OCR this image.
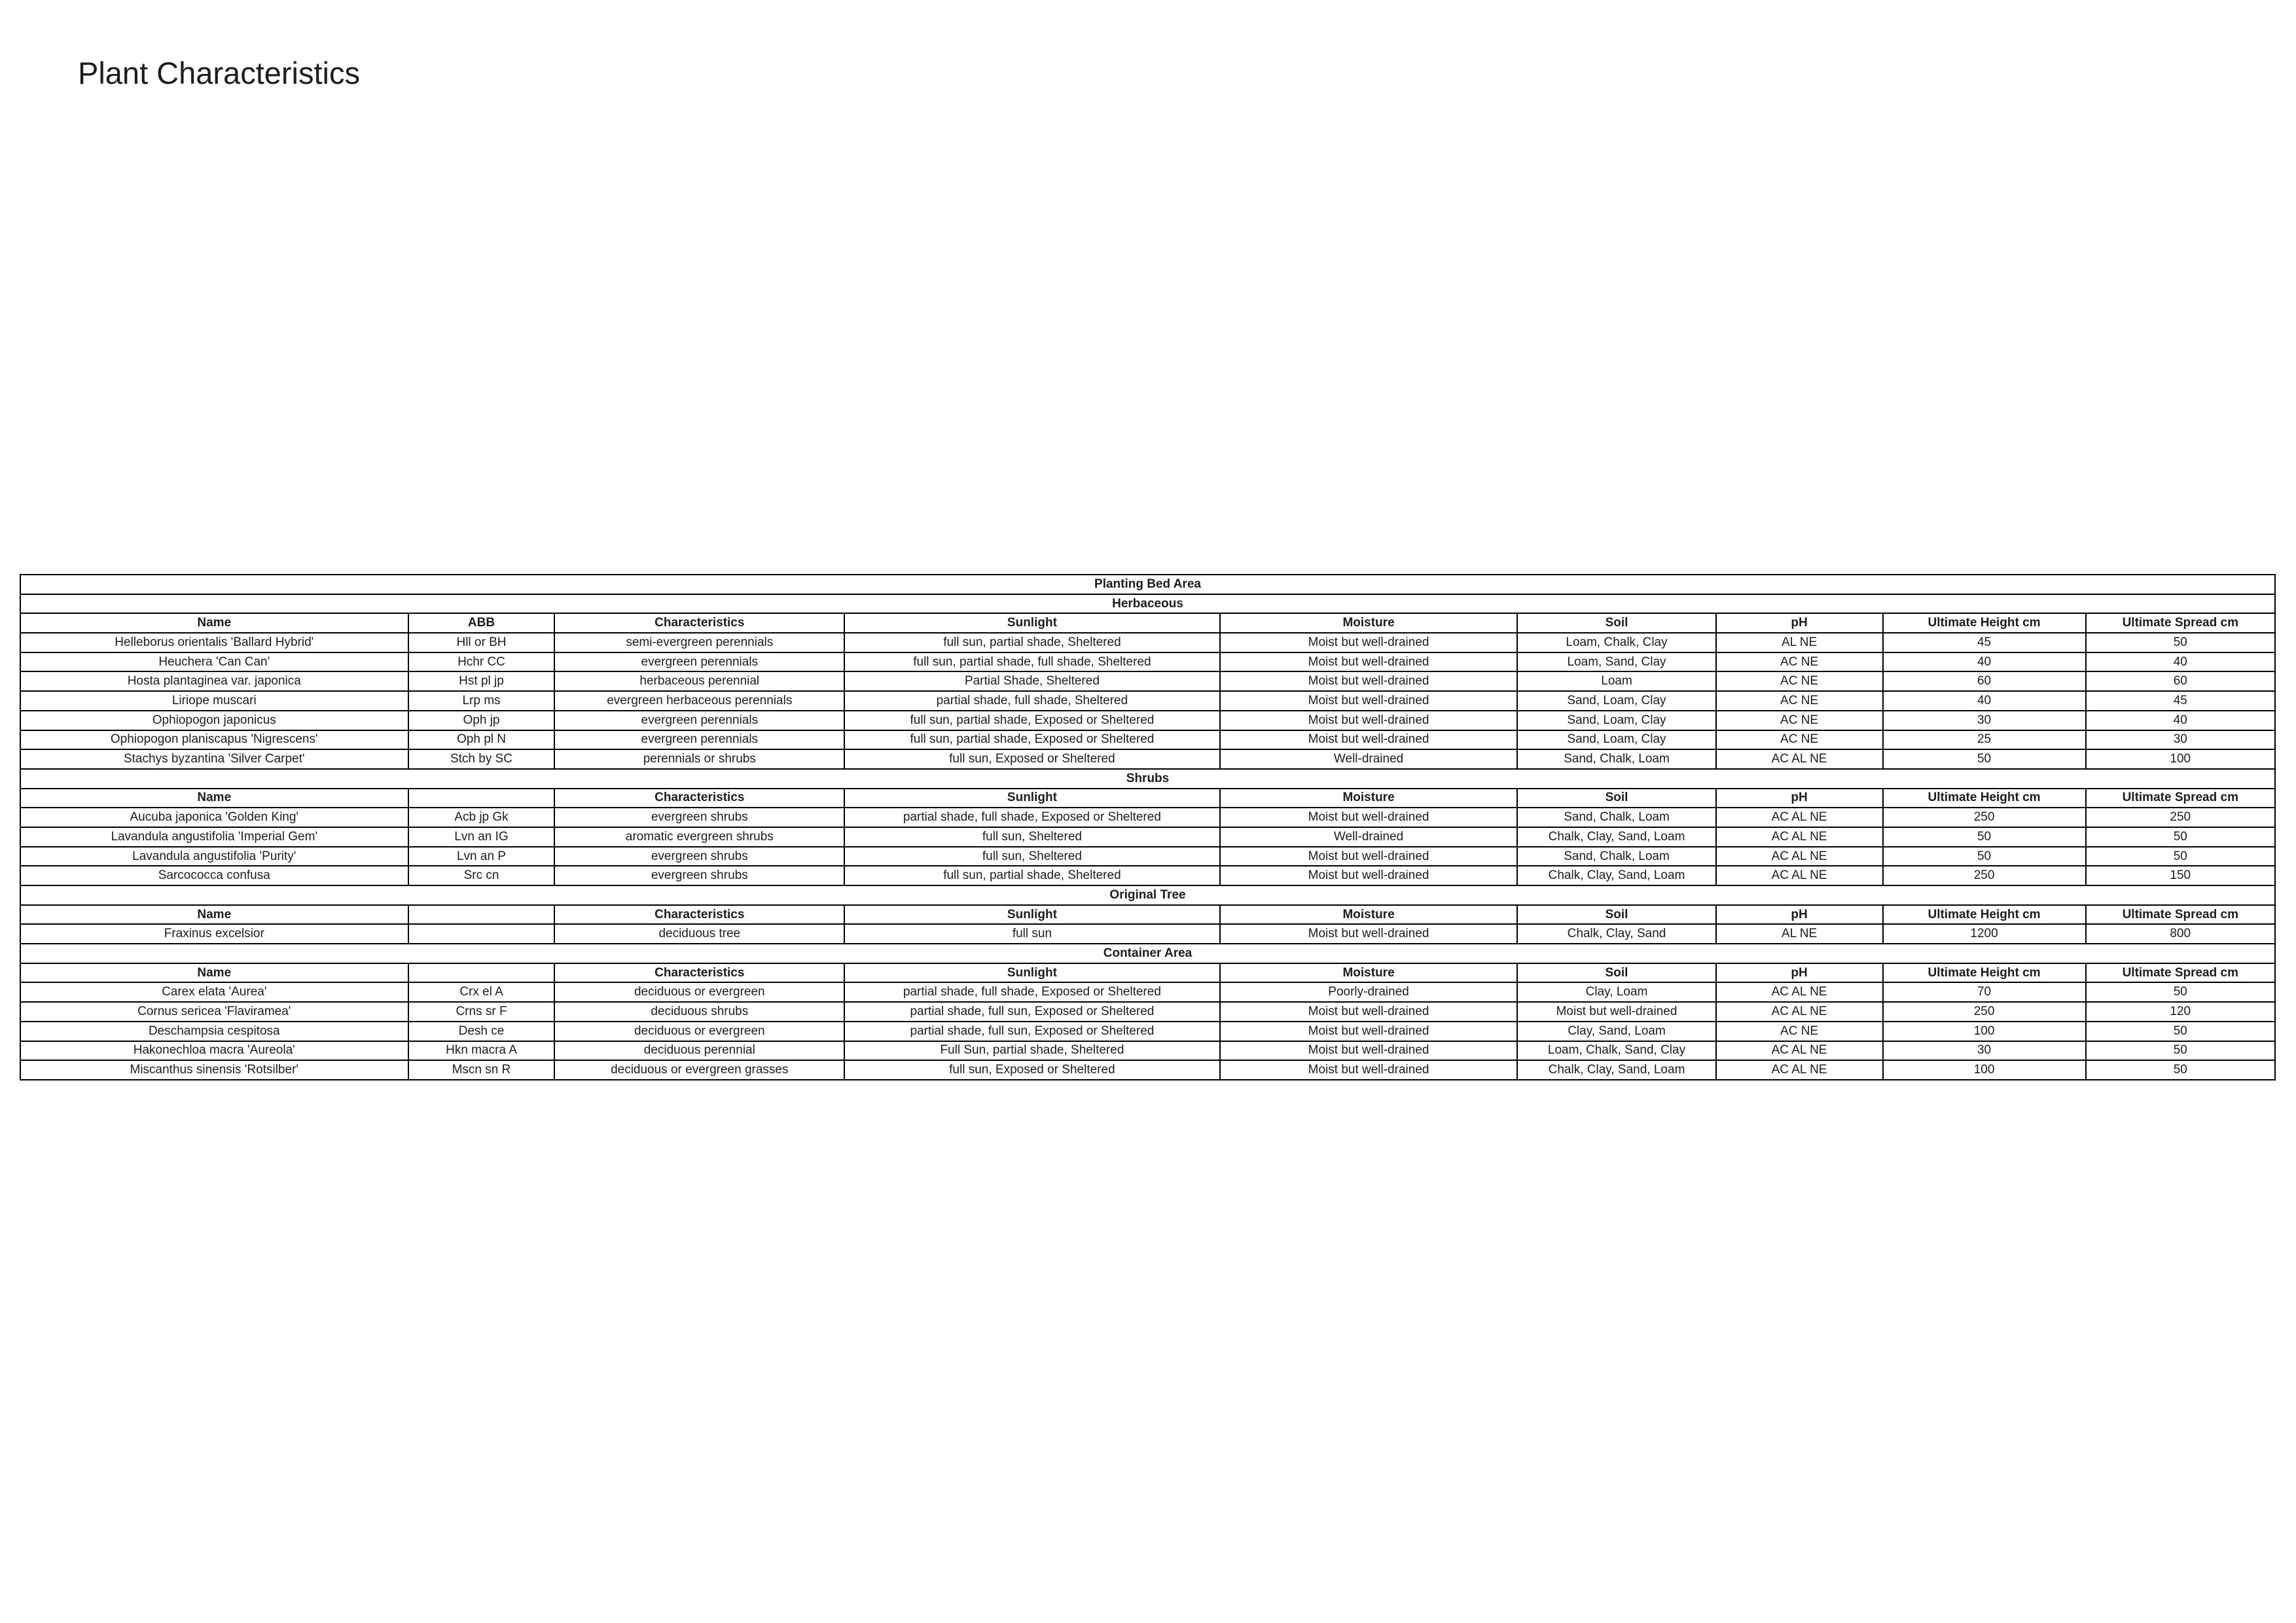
Plant Characteristics
Planting Bed Area								
Herbaceous								
Name	ABB	Characteristics	Sunlight	Moisture	Soil	pH	Ultimate Height cm	Ultimate Spread cm
Helleborus orientalis 'Ballard Hybrid'	Hll or BH	semi-evergreen perennials	full sun, partial shade, Sheltered	Moist but well-drained	Loam, Chalk, Clay	AL NE	45	50
Heuchera 'Can Can'	Hchr CC	evergreen perennials	full sun, partial shade, full shade, Sheltered	Moist but well-drained	Loam, Sand, Clay	AC NE	40	40
Hosta plantaginea var. japonica	Hst pl jp	herbaceous perennial	Partial Shade, Sheltered	Moist but well-drained	Loam	AC NE	60	60
Liriope muscari	Lrp ms	evergreen herbaceous perennials	partial shade, full shade, Sheltered	Moist but well-drained	Sand, Loam, Clay	AC NE	40	45
Ophiopogon japonicus	Oph jp	evergreen perennials	full sun, partial shade, Exposed or Sheltered	Moist but well-drained	Sand, Loam, Clay	AC NE	30	40
Ophiopogon planiscapus 'Nigrescens'	Oph pl N	evergreen perennials	full sun, partial shade, Exposed or Sheltered	Moist but well-drained	Sand, Loam, Clay	AC NE	25	30
Stachys byzantina 'Silver Carpet'	Stch by SC	perennials or shrubs	full sun, Exposed or Sheltered	Well-drained	Sand, Chalk, Loam	AC AL NE	50	100
Shrubs								
Name		Characteristics	Sunlight	Moisture	Soil	pH	Ultimate Height cm	Ultimate Spread cm
Aucuba japonica 'Golden King'	Acb jp Gk	evergreen shrubs	partial shade, full shade, Exposed or Sheltered	Moist but well-drained	Sand, Chalk, Loam	AC AL NE	250	250
Lavandula angustifolia 'Imperial Gem'	Lvn an IG	aromatic evergreen shrubs	full sun, Sheltered	Well-drained	Chalk, Clay, Sand, Loam	AC AL NE	50	50
Lavandula angustifolia 'Purity'	Lvn an P	evergreen shrubs	full sun, Sheltered	Moist but well-drained	Sand, Chalk, Loam	AC AL NE	50	50
Sarcococca confusa	Src cn	evergreen shrubs	full sun, partial shade, Sheltered	Moist but well-drained	Chalk, Clay, Sand, Loam	AC AL NE	250	150
Original Tree								
Name		Characteristics	Sunlight	Moisture	Soil	pH	Ultimate Height cm	Ultimate Spread cm
Fraxinus excelsior		deciduous tree	full sun	Moist but well-drained	Chalk, Clay, Sand	AL NE	1200	800
Container Area								
Name		Characteristics	Sunlight	Moisture	Soil	pH	Ultimate Height cm	Ultimate Spread cm
Carex elata 'Aurea'	Crx el A	deciduous or evergreen	partial shade, full shade, Exposed or Sheltered	Poorly-drained	Clay, Loam	AC AL NE	70	50
Cornus sericea 'Flaviramea'	Crns sr F	deciduous shrubs	partial shade, full sun, Exposed or Sheltered	Moist but well-drained	Moist but well-drained	AC AL NE	250	120
Deschampsia cespitosa	Desh ce	deciduous or evergreen	partial shade, full sun, Exposed or Sheltered	Moist but well-drained	Clay, Sand, Loam	AC NE	100	50
Hakonechloa macra 'Aureola'	Hkn macra A	deciduous perennial	Full Sun, partial shade, Sheltered	Moist but well-drained	Loam, Chalk, Sand, Clay	AC AL NE	30	50
Miscanthus sinensis 'Rotsilber'	Mscn sn R	deciduous or evergreen grasses	full sun, Exposed or Sheltered	Moist but well-drained	Chalk, Clay, Sand, Loam	AC AL NE	100	50
